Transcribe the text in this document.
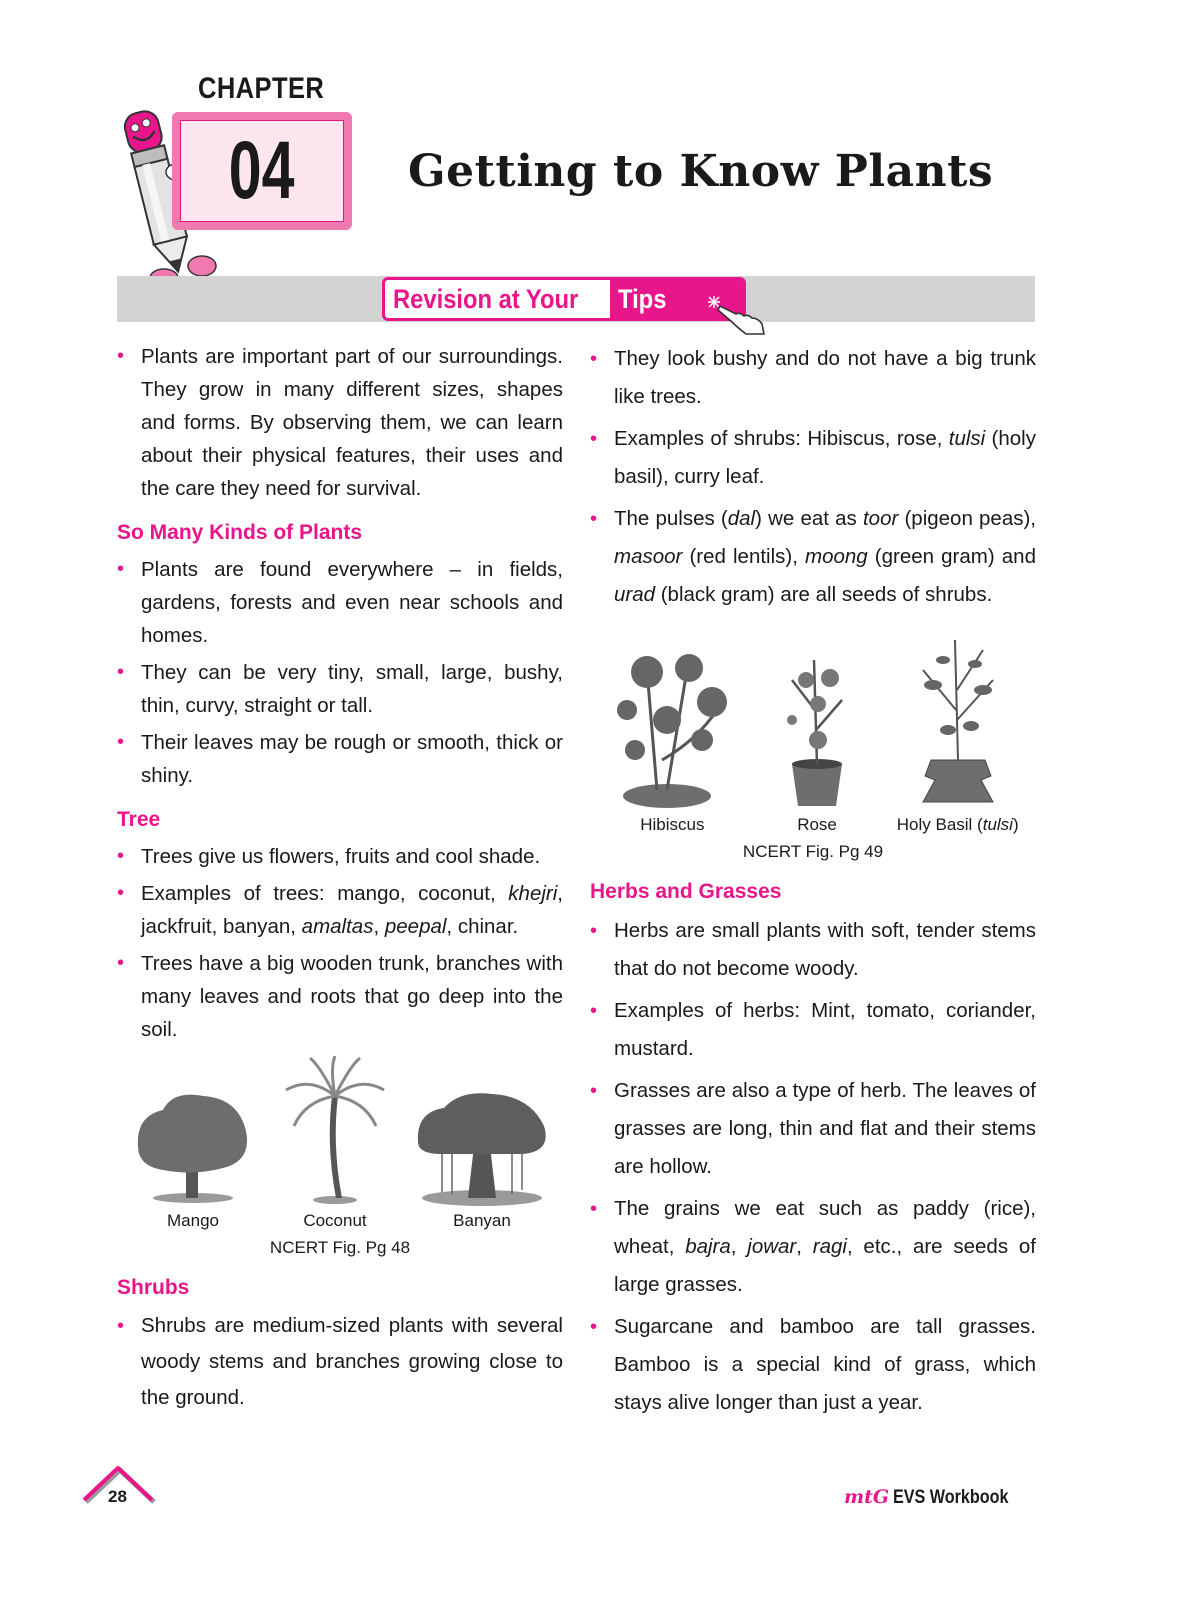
CHAPTER
04	Getting to Know Plants
Revision at Your Tips
• Plants are important part of our surroundings. They grow in many different sizes, shapes and forms. By observing them, we can learn about their physical features, their uses and the care they need for survival.
So Many Kinds of Plants
• Plants are found everywhere – in fields, gardens, forests and even near schools and homes.
• They can be very tiny, small, large, bushy, thin, curvy, straight or tall.
• Their leaves may be rough or smooth, thick or shiny.
Tree
• Trees give us flowers, fruits and cool shade.
• Examples of trees: mango, coconut, khejri, jackfruit, banyan, amaltas, peepal, chinar.
• Trees have a big wooden trunk, branches with many leaves and roots that go deep into the soil.
Mango	Coconut	Banyan
NCERT Fig. Pg 48
Shrubs
• Shrubs are medium-sized plants with several woody stems and branches growing close to the ground.
• They look bushy and do not have a big trunk like trees.
• Examples of shrubs: Hibiscus, rose, tulsi (holy basil), curry leaf.
• The pulses (dal) we eat as toor (pigeon peas), masoor (red lentils), moong (green gram) and urad (black gram) are all seeds of shrubs.
Hibiscus	Rose	Holy Basil (tulsi)
NCERT Fig. Pg 49
Herbs and Grasses
• Herbs are small plants with soft, tender stems that do not become woody.
• Examples of herbs: Mint, tomato, coriander, mustard.
• Grasses are also a type of herb. The leaves of grasses are long, thin and flat and their stems are hollow.
• The grains we eat such as paddy (rice), wheat, bajra, jowar, ragi, etc., are seeds of large grasses.
• Sugarcane and bamboo are tall grasses. Bamboo is a special kind of grass, which stays alive longer than just a year.
28	mtG EVS Workbook
